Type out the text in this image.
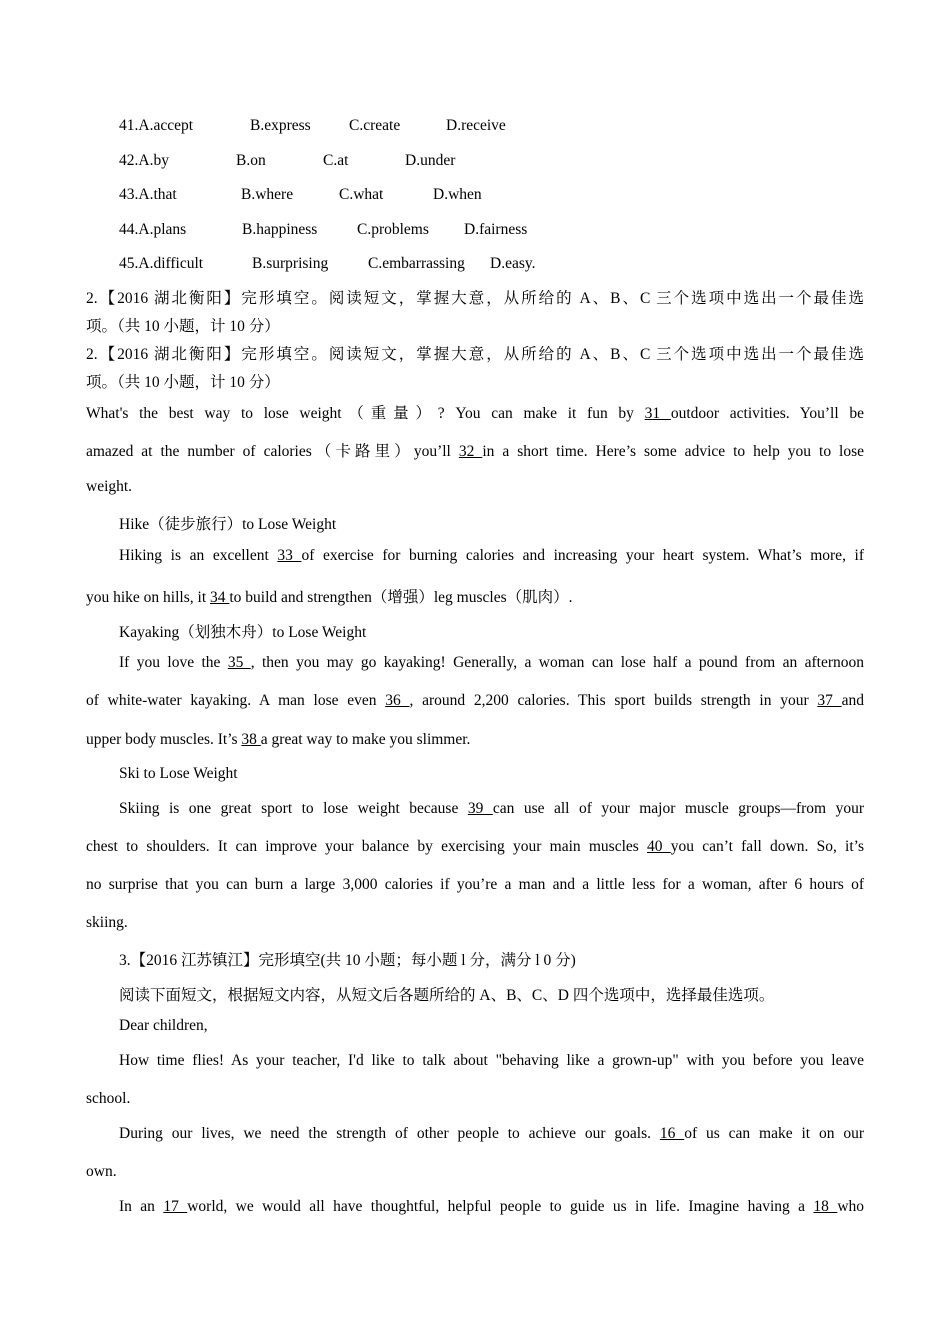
41.A.accept	B.express C.create	D.receive
42.A.by	B.on	C.at	D.under
43.A.that	B.where	C.what	D.when
44.A.plans	B.happiness	C.problems D.fairness
45.A.difficult	B.surprising	C.embarrassing D.easy.
2.【2016 湖北衡阳】完形填空。阅读短文，掌握大意，从所给的 A、B、C 三个选项中选出一个最佳选
项。（共 10 小题，计 10 分）
2.【2016 湖北衡阳】完形填空。阅读短文，掌握大意，从所给的 A、B、C 三个选项中选出一个最佳选
项。（共 10 小题，计 10 分）
What's the best way to lose weight（重量）? You can make it fun by 31 outdoor activities. You’ll be
amazed at the number of calories（卡路里）you’ll 32 in a short time. Here’s some advice to help you to lose
weight.
Hike（徒步旅行）to Lose Weight
Hiking is an excellent 33 of exercise for burning calories and increasing your heart system. What’s more, if
you hike on hills, it 34 to build and strengthen（增强）leg muscles（肌肉）.
Kayaking（划独木舟）to Lose Weight
If you love the 35 , then you may go kayaking! Generally, a woman can lose half a pound from an afternoon
of white-water kayaking. A man lose even 36 , around 2,200 calories. This sport builds strength in your 37 and
upper body muscles. It’s 38 a great way to make you slimmer.
Ski to Lose Weight
Skiing is one great sport to lose weight because 39 can use all of your major muscle groups—from your
chest to shoulders. It can improve your balance by exercising your main muscles 40 you can’t fall down. So, it’s
no surprise that you can burn a large 3,000 calories if you’re a man and a little less for a woman, after 6 hours of
skiing.
3.【2016 江苏镇江】完形填空(共 10 小题；每小题 l 分，满分 l 0 分)
阅读下面短文，根据短文内容，从短文后各题所给的 A、B、C、D 四个选项中，选择最佳选项。
Dear children,
How time flies! As your teacher, I'd like to talk about "behaving like a grown-up" with you before you leave
school.
During our lives, we need the strength of other people to achieve our goals. 16 of us can make it on our
own.
In an 17 world, we would all have thoughtful, helpful people to guide us in life. Imagine having a 18 who
